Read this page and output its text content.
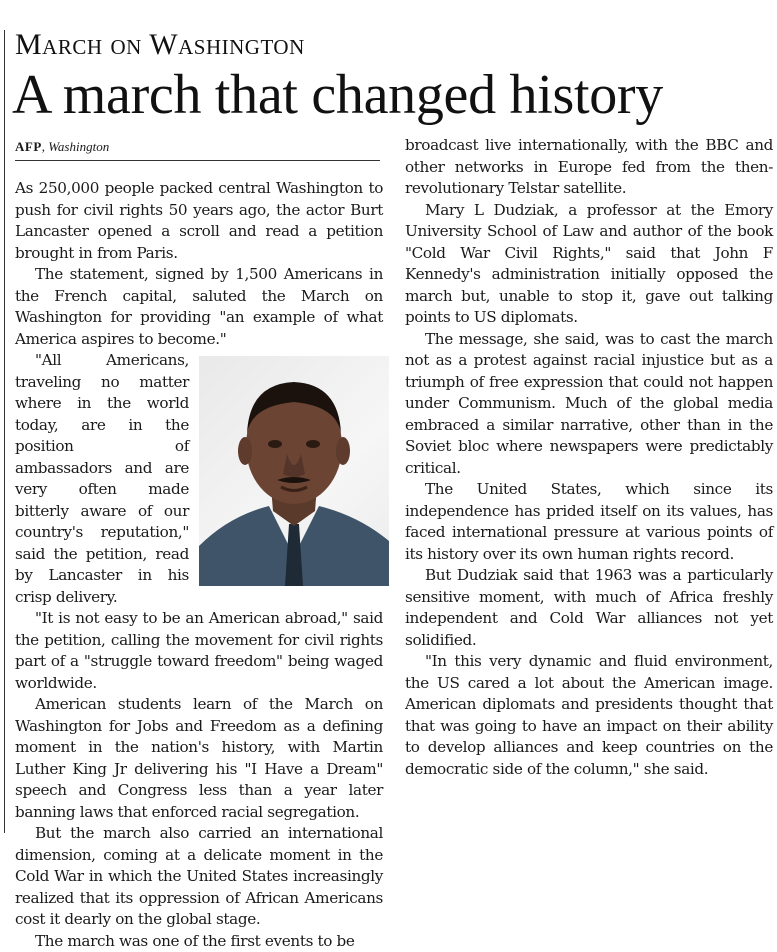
March on Washington
A march that changed history
AFP, Washington

As 250,000 people packed central Washington to push for civil rights 50 years ago, the actor Burt Lancaster opened a scroll and read a petition brought in from Paris.

The statement, signed by 1,500 Americans in the French capital, saluted the March on Washington for providing "an example of what America aspires to become."

"All Americans, traveling no matter where in the world today, are in the position of ambassadors and are very often made bitterly aware of our country's reputation," said the petition, read by Lancaster in his crisp delivery.

"It is not easy to be an American abroad," said the petition, calling the movement for civil rights part of a "struggle toward freedom" being waged worldwide.

American students learn of the March on Washington for Jobs and Freedom as a defining moment in the nation's history, with Martin Luther King Jr delivering his "I Have a Dream" speech and Congress less than a year later banning laws that enforced racial segregation.

But the march also carried an international dimension, coming at a delicate moment in the Cold War in which the United States increasingly realized that its oppression of African Americans cost it dearly on the global stage.

The march was one of the first events to be

broadcast live internationally, with the BBC and other networks in Europe fed from the then-revolutionary Telstar satellite.

Mary L Dudziak, a professor at the Emory University School of Law and author of the book "Cold War Civil Rights," said that John F Kennedy's administration initially opposed the march but, unable to stop it, gave out talking points to US diplomats.

The message, she said, was to cast the march not as a protest against racial injustice but as a triumph of free expression that could not happen under Communism. Much of the global media embraced a similar narrative, other than in the Soviet bloc where newspapers were predictably critical.

The United States, which since its independence has prided itself on its values, has faced international pressure at various points of its history over its own human rights record.

But Dudziak said that 1963 was a particularly sensitive moment, with much of Africa freshly independent and Cold War alliances not yet solidified.

"In this very dynamic and fluid environment, the US cared a lot about the American image. American diplomats and presidents thought that that was going to have an impact on their ability to develop alliances and keep countries on the democratic side of the column," she said.
